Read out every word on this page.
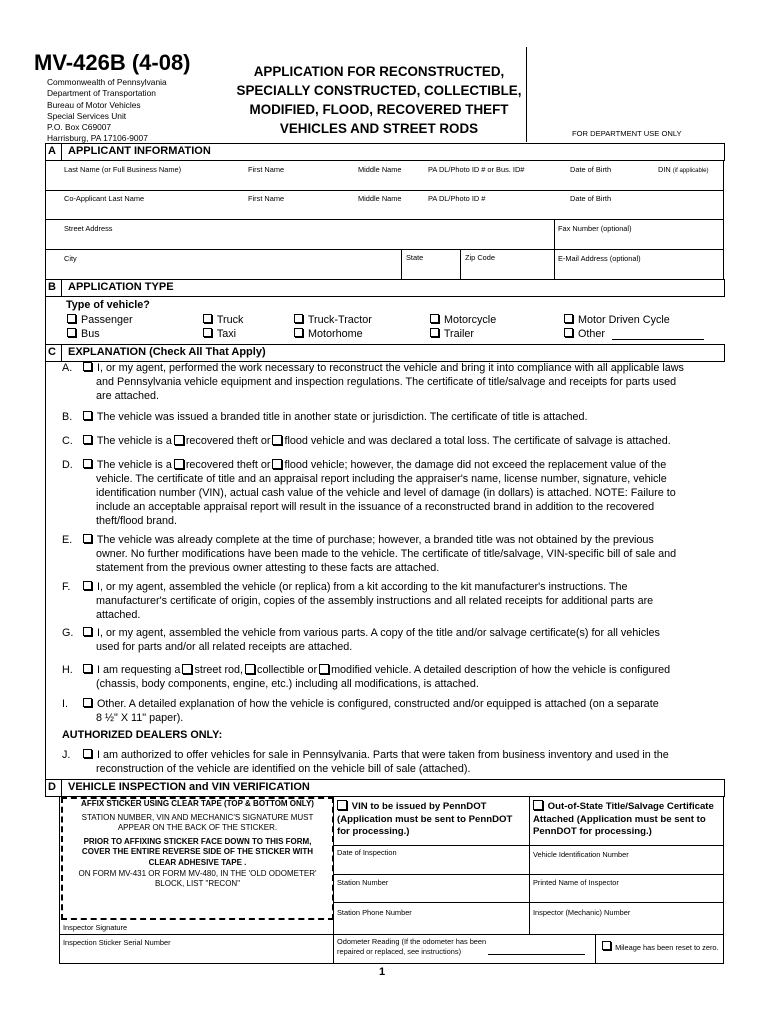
MV-426B (4-08)
Commonwealth of Pennsylvania
Department of Transportation
Bureau of Motor Vehicles
Special Services Unit
P.O. Box C69007
Harrisburg, PA 17106-9007
APPLICATION FOR RECONSTRUCTED,
SPECIALLY CONSTRUCTED, COLLECTIBLE,
MODIFIED, FLOOD, RECOVERED THEFT
VEHICLES AND STREET RODS	FOR DEPARTMENT USE ONLY
A APPLICANT INFORMATION
Last Name (or Full Business Name)	First Name	Middle Name	PA DL/Photo ID # or Bus. ID#	Date of Birth	DIN (if applicable)
Co-Applicant Last Name	First Name	Middle Name	PA DL/Photo ID #	Date of Birth
Street Address	Fax Number (optional)
City	State	Zip Code	E-Mail Address (optional)
B APPLICATION TYPE
Type of vehicle?
Passenger	Truck	Truck-Tractor	Motorcycle	Motor Driven Cycle
Bus	Taxi	Motorhome	Trailer	Other
C EXPLANATION (Check All That Apply)
A.	I, or my agent, performed the work necessary to reconstruct the vehicle and bring it into compliance with all applicable laws
and Pennsylvania vehicle equipment and inspection regulations. The certificate of title/salvage and receipts for parts used
are attached.
B.	The vehicle was issued a branded title in another state or jurisdiction. The certificate of title is attached.
C.	The vehicle is a recovered theft or flood vehicle and was declared a total loss. The certificate of salvage is attached.
D.	The vehicle is a recovered theft or flood vehicle; however, the damage did not exceed the replacement value of the
vehicle. The certificate of title and an appraisal report including the appraiser's name, license number, signature, vehicle
identification number (VIN), actual cash value of the vehicle and level of damage (in dollars) is attached. NOTE: Failure to
include an acceptable appraisal report will result in the issuance of a reconstructed brand in addition to the recovered
theft/flood brand.
E.	The vehicle was already complete at the time of purchase; however, a branded title was not obtained by the previous
owner. No further modifications have been made to the vehicle. The certificate of title/salvage, VIN-specific bill of sale and
statement from the previous owner attesting to these facts are attached.
F.	I, or my agent, assembled the vehicle (or replica) from a kit according to the kit manufacturer's instructions. The
manufacturer's certificate of origin, copies of the assembly instructions and all related receipts for additional parts are
attached.
G.	I, or my agent, assembled the vehicle from various parts. A copy of the title and/or salvage certificate(s) for all vehicles
used for parts and/or all related receipts are attached.
H.	I am requesting a street rod, collectible or modified vehicle. A detailed description of how the vehicle is configured
(chassis, body components, engine, etc.) including all modifications, is attached.
I.	Other. A detailed explanation of how the vehicle is configured, constructed and/or equipped is attached (on a separate
8 ½" X 11" paper).
AUTHORIZED DEALERS ONLY:
J.	I am authorized to offer vehicles for sale in Pennsylvania. Parts that were taken from business inventory and used in the
reconstruction of the vehicle are identified on the vehicle bill of sale (attached).
D VEHICLE INSPECTION and VIN VERIFICATION
AFFIX STICKER USING CLEAR TAPE (TOP & BOTTOM ONLY)
STATION NUMBER, VIN AND MECHANIC'S SIGNATURE MUST
APPEAR ON THE BACK OF THE STICKER.
PRIOR TO AFFIXING STICKER FACE DOWN TO THIS FORM,
COVER THE ENTIRE REVERSE SIDE OF THE STICKER WITH
CLEAR ADHESIVE TAPE .
ON FORM MV-431 OR FORM MV-480, IN THE 'OLD ODOMETER'
BLOCK, LIST "RECON"
Inspector Signature
Inspection Sticker Serial Number
VIN to be issued by PennDOT
(Application must be sent to PennDOT
for processing.)
Out-of-State Title/Salvage Certificate
Attached (Application must be sent to
PennDOT for processing.)
Date of Inspection	Vehicle Identification Number
Station Number	Printed Name of Inspector
Station Phone Number	Inspector (Mechanic) Number
Odometer Reading (If the odometer has been
repaired or replaced, see instructions)	Mileage has been reset to zero.
1
